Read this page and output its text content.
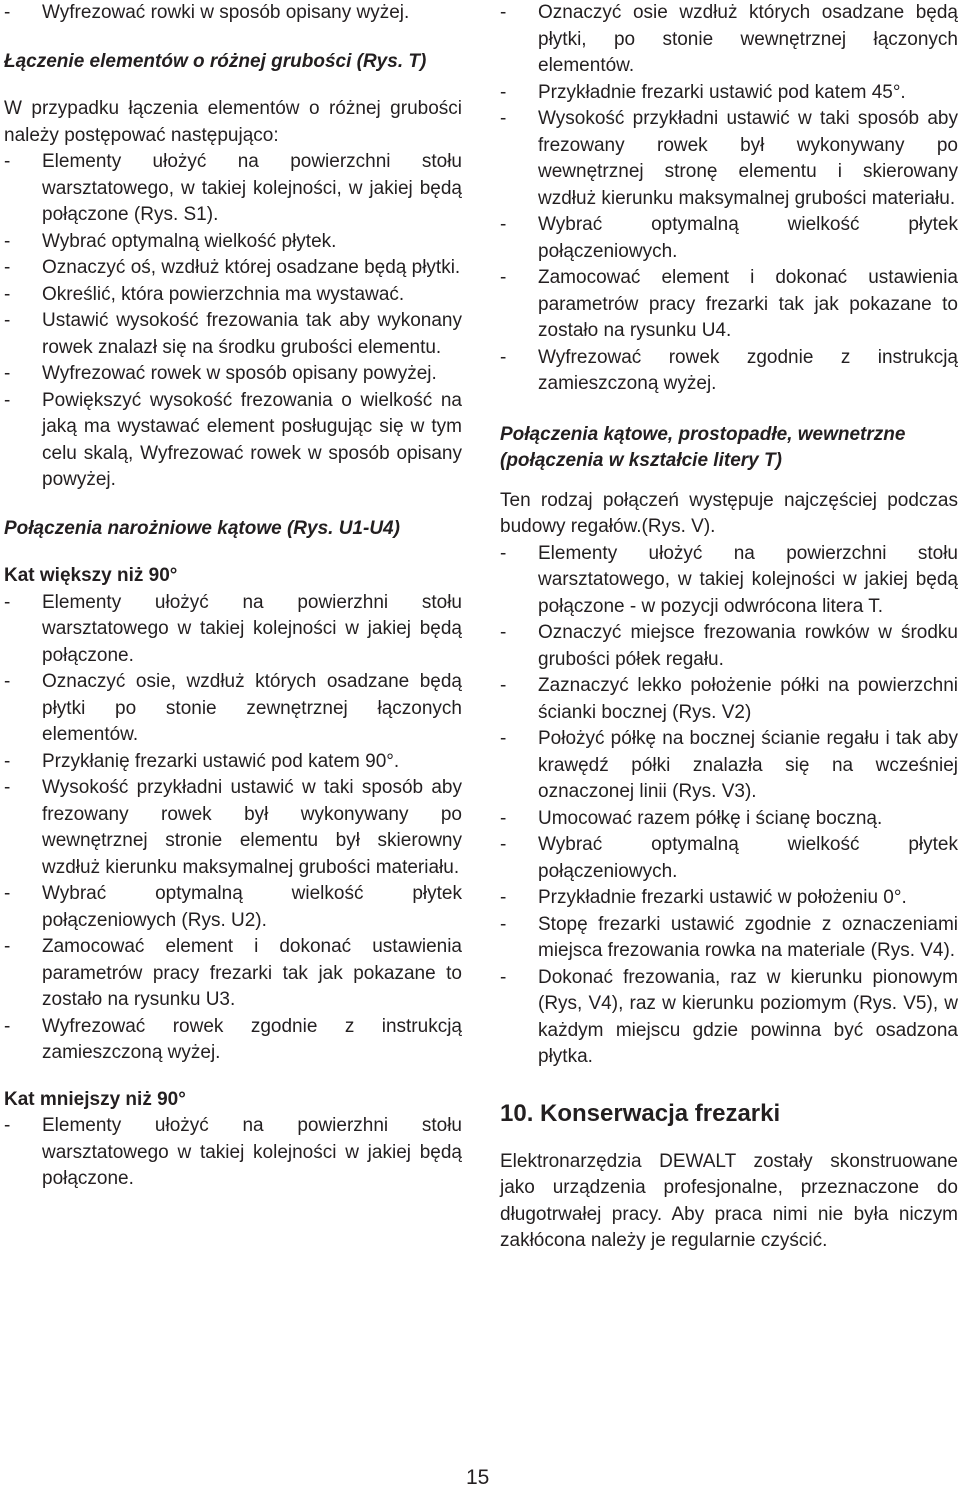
- Wyfrezować rowki w sposób opisany wyżej.
Łączenie elementów o różnej grubości (Rys. T)
W przypadku łączenia elementów o różnej grubości należy postępować następująco:
- Elementy ułożyć na powierzchni stołu warsztatowego, w takiej kolejności, w jakiej będą połączone (Rys. S1).
- Wybrać optymalną wielkość płytek.
- Oznaczyć oś, wzdłuż której osadzane będą płytki.
- Określić, która powierzchnia ma wystawać.
- Ustawić wysokość frezowania tak aby wykonany rowek znalazł się na środku grubości elementu.
- Wyfrezować rowek w sposób opisany powyżej.
- Powiększyć wysokość frezowania o wielkość na jaką ma wystawać element posługując się w tym celu skalą, Wyfrezować rowek w sposób opisany powyżej.
Połączenia narożniowe kątowe (Rys. U1-U4)
Kat większy niż 90°
- Elementy ułożyć na powierzhni stołu warsztatowego w takiej kolejności w jakiej będą połączone.
- Oznaczyć osie, wzdłuż których osadzane będą płytki po stonie zewnętrznej łączonych elementów.
- Przykłanię frezarki ustawić pod katem 90°.
- Wysokość przykładni ustawić w taki sposób aby frezowany rowek był wykonywany po wewnętrznej stronie elementu był skierowny wzdłuż kierunku maksymalnej grubości materiału.
- Wybrać optymalną wielkość płytek połączeniowych (Rys. U2).
- Zamocować element i dokonać ustawienia parametrów pracy frezarki tak jak pokazane to zostało na rysunku U3.
- Wyfrezować rowek zgodnie z instrukcją zamieszczoną wyżej.
Kat mniejszy niż 90°
- Elementy ułożyć na powierzhni stołu warsztatowego w takiej kolejności w jakiej będą połączone.
- Oznaczyć osie wzdłuż których osadzane będą płytki, po stonie wewnętrznej łączonych elementów.
- Przykładnie frezarki ustawić pod katem 45°.
- Wysokość przykładni ustawić w taki sposób aby frezowany rowek był wykonywany po wewnętrznej stronę elementu i skierowany wzdłuż kierunku maksymalnej grubości materiału.
- Wybrać optymalną wielkość płytek połączeniowych.
- Zamocować element i dokonać ustawienia parametrów pracy frezarki tak jak pokazane to zostało na rysunku U4.
- Wyfrezować rowek zgodnie z instrukcją zamieszczoną wyżej.
Połączenia kątowe, prostopadłe, wewnetrzne (połączenia w kształcie litery T)
Ten rodzaj połączeń występuje najczęściej podczas budowy regałów.(Rys. V).
- Elementy ułożyć na powierzchni stołu warsztatowego, w takiej kolejności w jakiej będą połączone - w pozycji odwrócona litera T.
- Oznaczyć miejsce frezowania rowków w środku grubości półek regału.
- Zaznaczyć lekko położenie półki na powierzchni ścianki bocznej (Rys. V2)
- Położyć półkę na bocznej ścianie regału i tak aby krawędź półki znalazła się na wcześniej oznaczonej linii (Rys. V3).
- Umocować razem półkę i ścianę boczną.
- Wybrać optymalną wielkość płytek połączeniowych.
- Przykładnie frezarki ustawić w położeniu 0°.
- Stopę frezarki ustawić zgodnie z oznaczeniami miejsca frezowania rowka na materiale (Rys. V4).
- Dokonać frezowania, raz w kierunku pionowym (Rys, V4), raz w kierunku poziomym (Rys. V5), w każdym miejscu gdzie powinna być osadzona płytka.
10. Konserwacja frezarki
Elektronarzędzia DEWALT zostały skonstruowane jako urządzenia profesjonalne, przeznaczone do długotrwałej pracy. Aby praca nimi nie była niczym zakłócona należy je regularnie czyścić.
15
